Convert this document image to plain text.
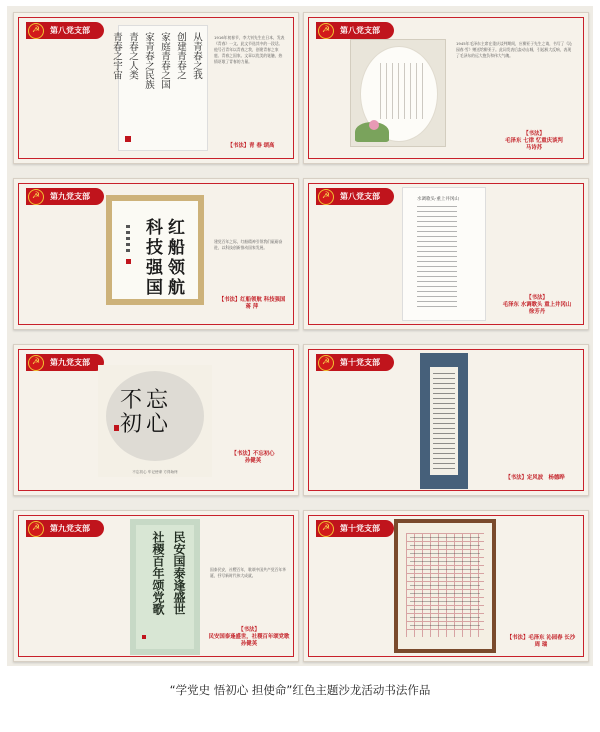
☭	第八党支部
从青春之我
创建青春之
家庭青春之国
家青春之民族
青春之人类
青春之宇宙	1916年初春节，李大钊先生在日本，发表《青春》一文。此文节选其中的一段话。他号召青年以青春之我，创建青春之家庭、青春之国家。文章以优美的笔触，热情讴歌了青春的力量。
【书法】青 春 颂高
☭	第八党支部
1945年毛泽东主席在重庆谈判期间，应柳亚子先生之请，书写了《沁园春·雪》赠送给柳亚子。此词发表后轰动山城，引起极大反响，表现了毛泽东的远大抱负和伟大气魄。
【书法】
毛泽东 七律 忆重庆谈判
马诗苏
☭	第九党支部
科
技
强
国
红
船
领
航
建党百年之际，红船精神引领我们砥砺奋进，以科技创新推动国家发展。
【书法】红船领航 科技强国
蒋 萍
☭	第八党支部	水调歌头·重上井冈山
【书法】
毛泽东 水调歌头 重上井冈山
徐芳丹
☭	第九党支部
不忘初心
不忘初心 牢记使命 方得始终
【书法】不忘初心
孙健英
☭	第十党支部
【书法】定风波　杨德晔
☭	第九党支部
民安国泰逢盛世
社稷百年颂党歌	国泰民安，社稷百年，歌颂中国共产党百年华诞，抒写新时代伟大成就。
【书法】
民安国泰逢盛世，社稷百年颂党歌
孙健英
☭	第十党支部
【书法】毛泽东 沁园春 长沙
周 瑞
“学党史 悟初心 担使命”红色主题沙龙活动书法作品
